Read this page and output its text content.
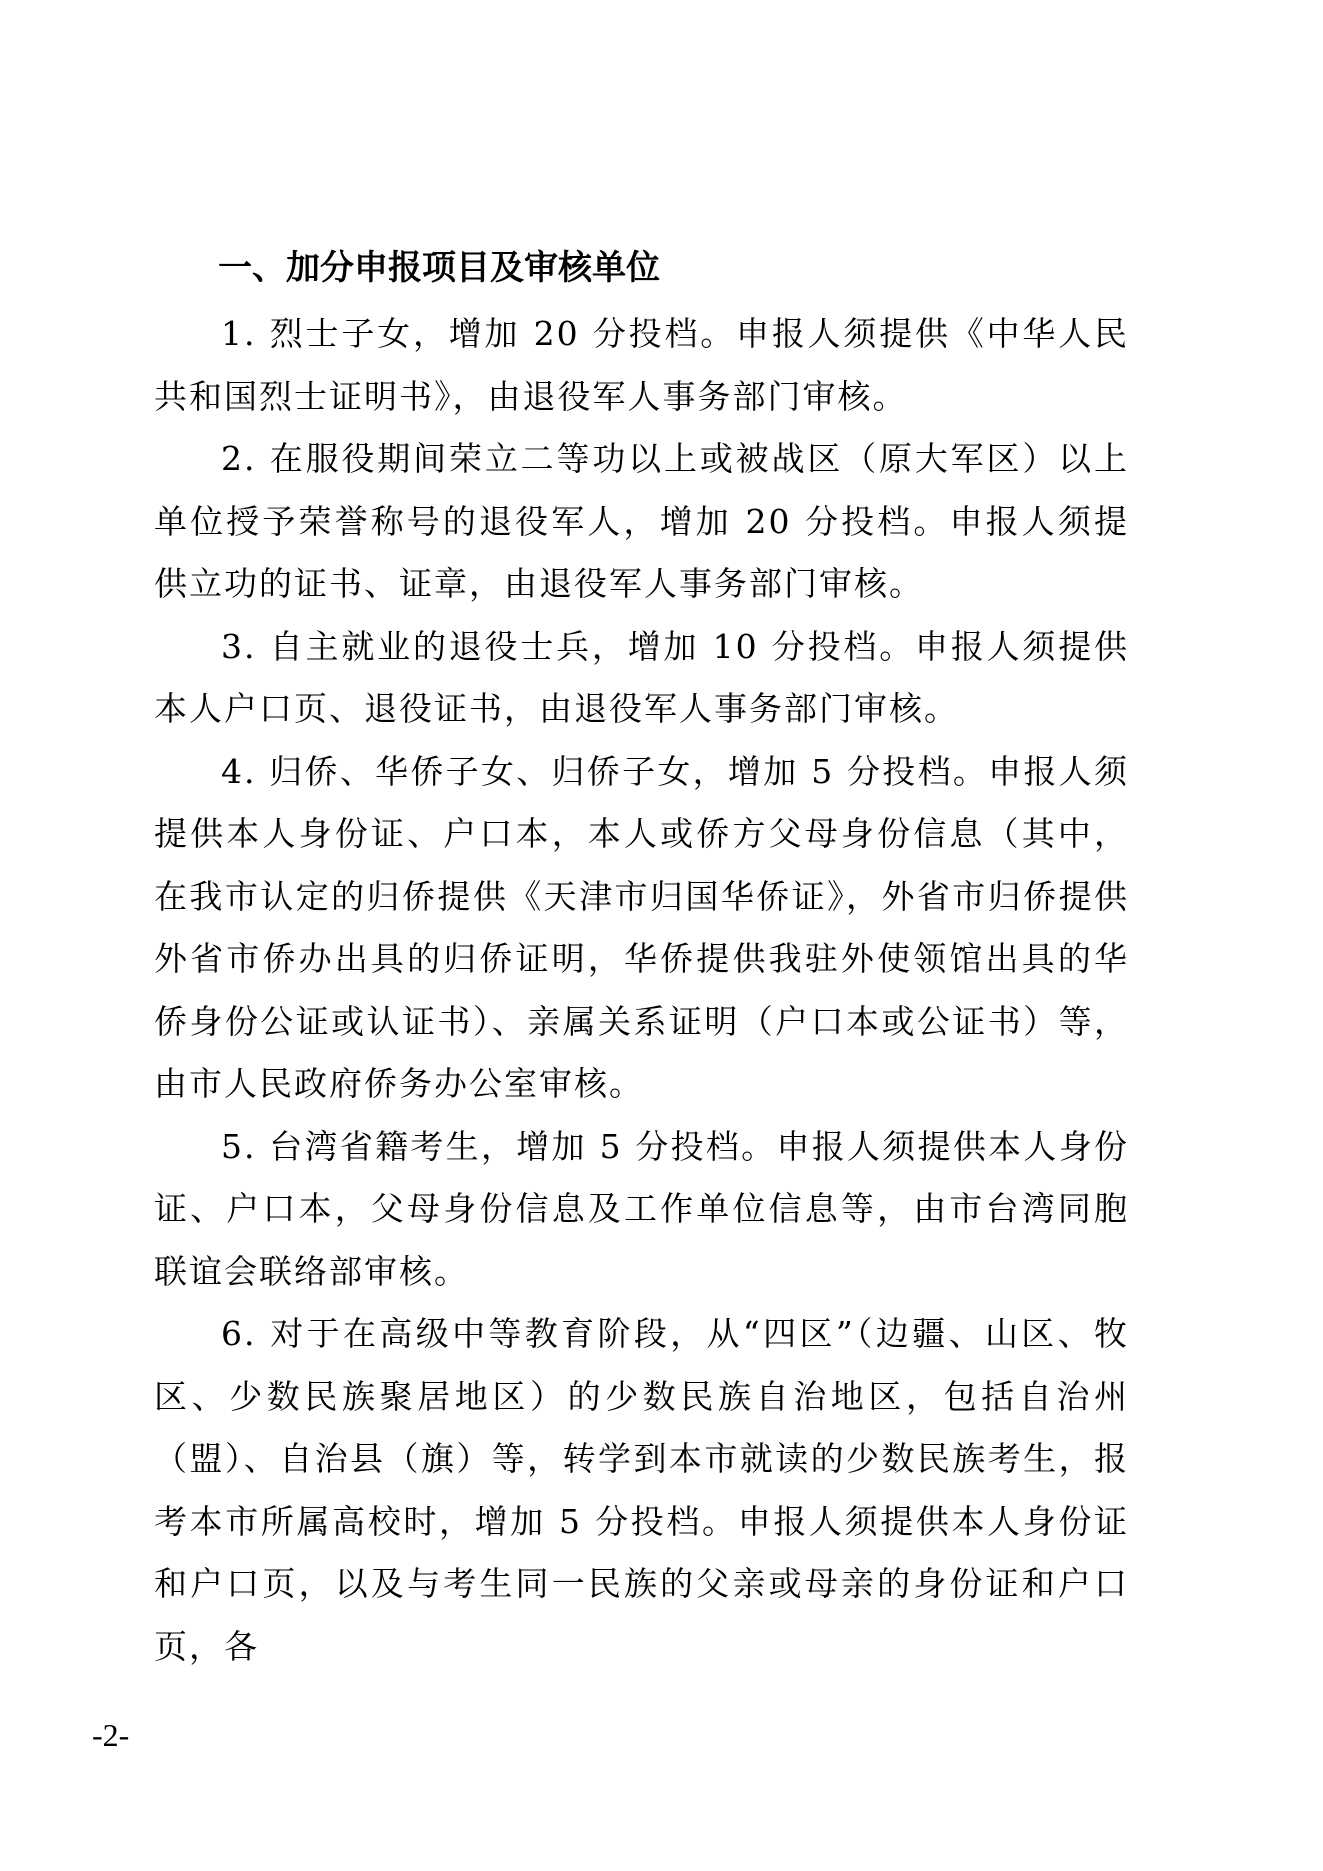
一、加分申报项目及审核单位

1. 烈士子女，增加 20 分投档。申报人须提供《中华人民共和国烈士证明书》，由退役军人事务部门审核。

2. 在服役期间荣立二等功以上或被战区（原大军区）以上单位授予荣誉称号的退役军人，增加 20 分投档。申报人须提供立功的证书、证章，由退役军人事务部门审核。

3. 自主就业的退役士兵，增加 10 分投档。申报人须提供本人户口页、退役证书，由退役军人事务部门审核。

4. 归侨、华侨子女、归侨子女，增加 5 分投档。申报人须提供本人身份证、户口本，本人或侨方父母身份信息（其中，在我市认定的归侨提供《天津市归国华侨证》，外省市归侨提供外省市侨办出具的归侨证明，华侨提供我驻外使领馆出具的华侨身份公证或认证书）、亲属关系证明（户口本或公证书）等，由市人民政府侨务办公室审核。

5. 台湾省籍考生，增加 5 分投档。申报人须提供本人身份证、户口本，父母身份信息及工作单位信息等，由市台湾同胞联谊会联络部审核。

6. 对于在高级中等教育阶段，从“四区”（边疆、山区、牧区、少数民族聚居地区）的少数民族自治地区，包括自治州（盟）、自治县（旗）等，转学到本市就读的少数民族考生，报考本市所属高校时，增加 5 分投档。申报人须提供本人身份证和户口页，以及与考生同一民族的父亲或母亲的身份证和户口页，各

-2-
